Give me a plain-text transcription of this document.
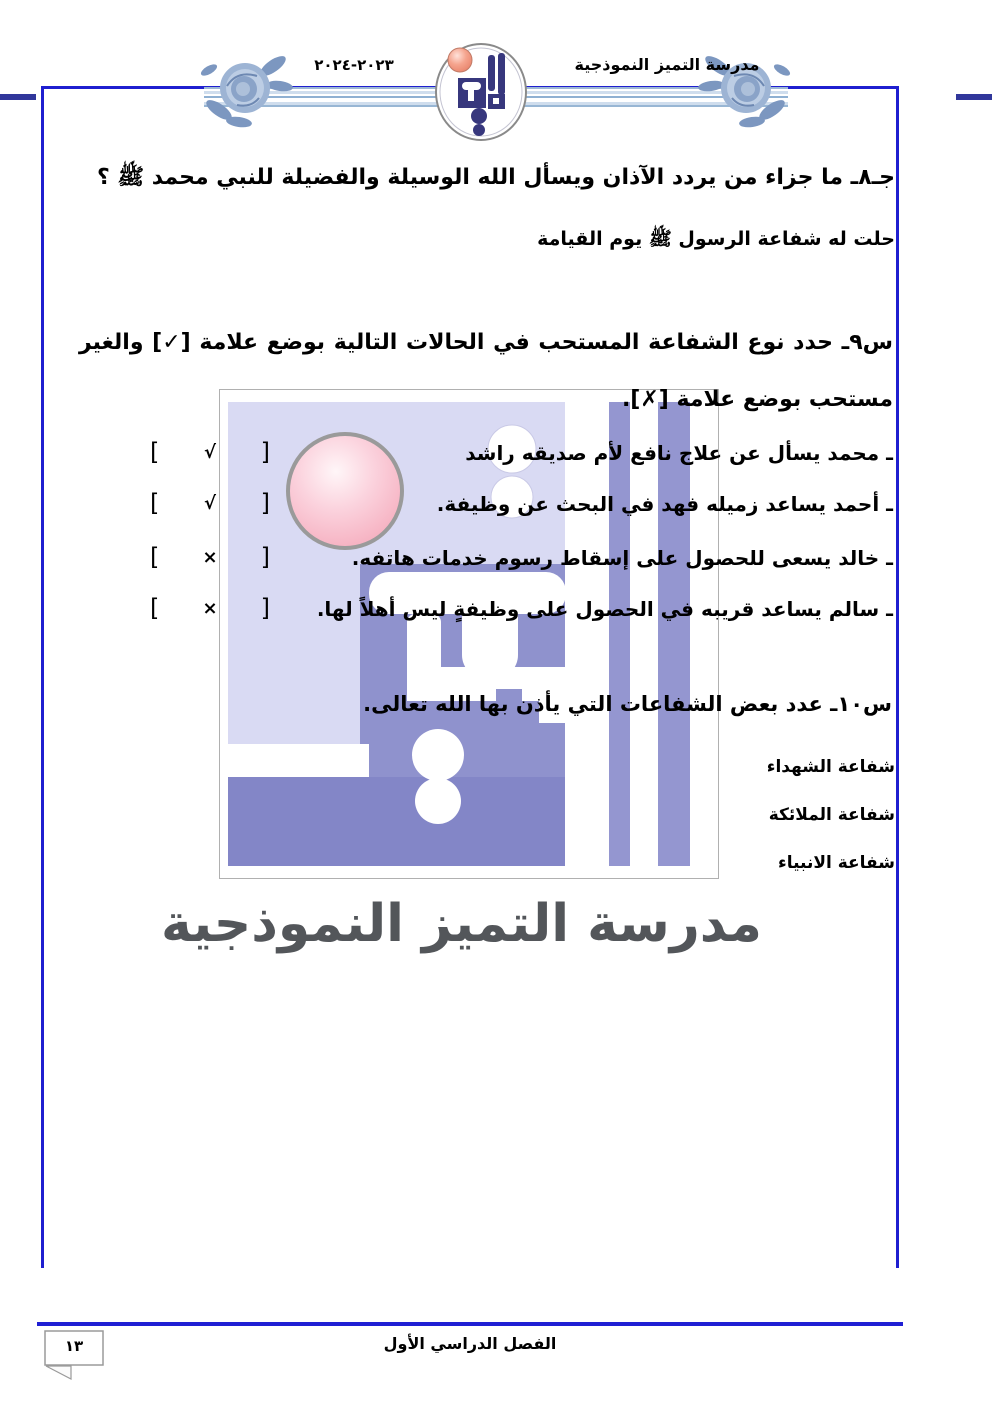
٢٠٢٣-٢٠٢٤	مدرسة التميز النموذجية
مدرسة التميز النموذجية
جـ٨ـ ما جزاء من يردد الآذان ويسأل الله الوسيلة والفضيلة للنبي محمد ﷺ ؟
حلت له شفاعة الرسول ﷺ يوم القيامة
س٩ـ حدد نوع الشفاعة المستحب في الحالات التالية بوضع علامة [✓] والغير
مستحب بوضع علامة [✗].
ـ محمد يسأل عن علاج نافع لأم صديقه راشد
ـ أحمد يساعد زميله فهد في البحث عن وظيفة.
ـ خالد يسعى للحصول على إسقاط رسوم خدمات هاتفه.
ـ سالم يساعد قريبه في الحصول على وظيفةٍ ليس أهلاً لها.
[ √ ]
[ √ ]
[ × ]
[ × ]
س١٠ـ عدد بعض الشفاعات التي يأذن بها الله تعالى.
شفاعة الشهداء
شفاعة الملائكة
شفاعة الانبياء
١٣	الفصل الدراسي الأول
